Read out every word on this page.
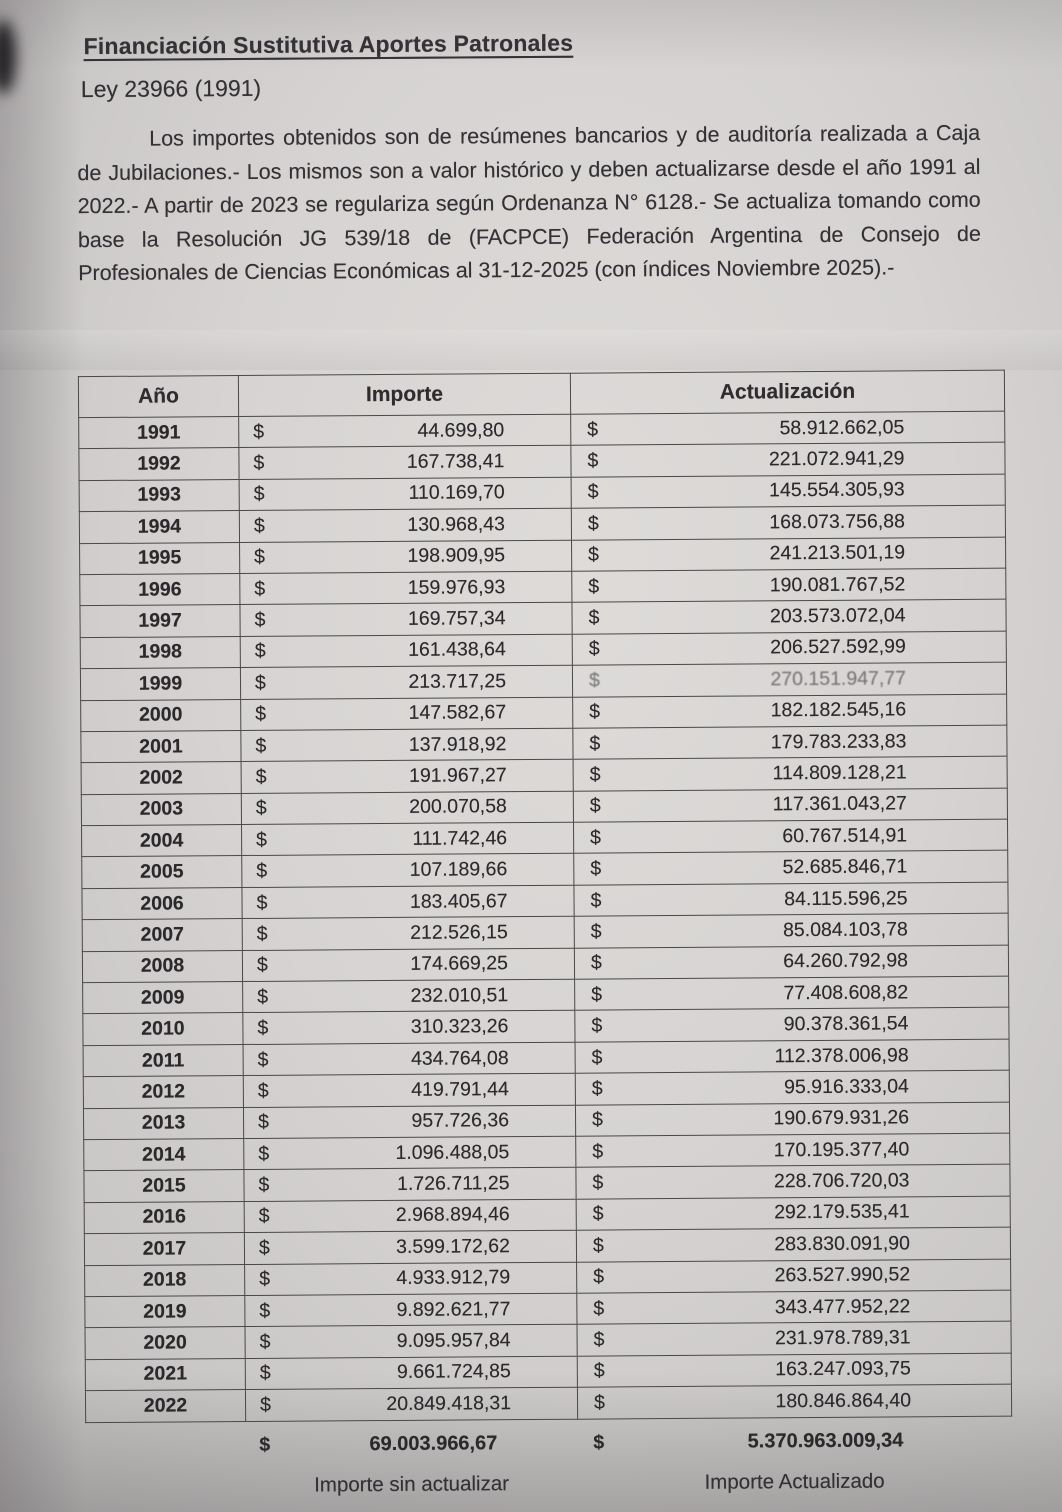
Financiación Sustitutiva Aportes Patronales
Ley 23966 (1991)

Los importes obtenidos son de resúmenes bancarios y de auditoría realizada a Caja de Jubilaciones.- Los mismos son a valor histórico y deben actualizarse desde el año 1991 al 2022.- A partir de 2023 se regulariza según Ordenanza N° 6128.- Se actualiza tomando como base la Resolución JG 539/18 de (FACPCE) Federación Argentina de Consejo de Profesionales de Ciencias Económicas al 31-12-2025 (con índices Noviembre 2025).-

Año	Importe	Actualización
1991	$ 44.699,80	$ 58.912.662,05

1992	$ 167.738,41	$ 221.072.941,29

1993	$ 110.169,70	$ 145.554.305,93

1994	$ 130.968,43	$ 168.073.756,88

1995	$ 198.909,95	$ 241.213.501,19

1996	$ 159.976,93	$ 190.081.767,52

1997	$ 169.757,34	$ 203.573.072,04

1998	$ 161.438,64	$ 206.527.592,99

1999	$ 213.717,25	$ 270.151.947,77

2000	$ 147.582,67	$ 182.182.545,16

2001	$ 137.918,92	$ 179.783.233,83

2002	$ 191.967,27	$ 114.809.128,21

2003	$ 200.070,58	$ 117.361.043,27

2004	$ 111.742,46	$ 60.767.514,91

2005	$ 107.189,66	$ 52.685.846,71

2006	$ 183.405,67	$ 84.115.596,25

2007	$ 212.526,15	$ 85.084.103,78

2008	$ 174.669,25	$ 64.260.792,98

2009	$ 232.010,51	$ 77.408.608,82

2010	$ 310.323,26	$ 90.378.361,54

2011	$ 434.764,08	$ 112.378.006,98

2012	$ 419.791,44	$ 95.916.333,04

2013	$ 957.726,36	$ 190.679.931,26

2014	$ 1.096.488,05	$ 170.195.377,40

2015	$ 1.726.711,25	$ 228.706.720,03

2016	$ 2.968.894,46	$ 292.179.535,41

2017	$ 3.599.172,62	$ 283.830.091,90

2018	$ 4.933.912,79	$ 263.527.990,52

2019	$ 9.892.621,77	$ 343.477.952,22

2020	$ 9.095.957,84	$ 231.978.789,31

2021	$ 9.661.724,85	$ 163.247.093,75

2022	$ 20.849.418,31	$ 180.846.864,40
$	69.003.966,67	$	5.370.963.009,34
Importe sin actualizar	Importe Actualizado
